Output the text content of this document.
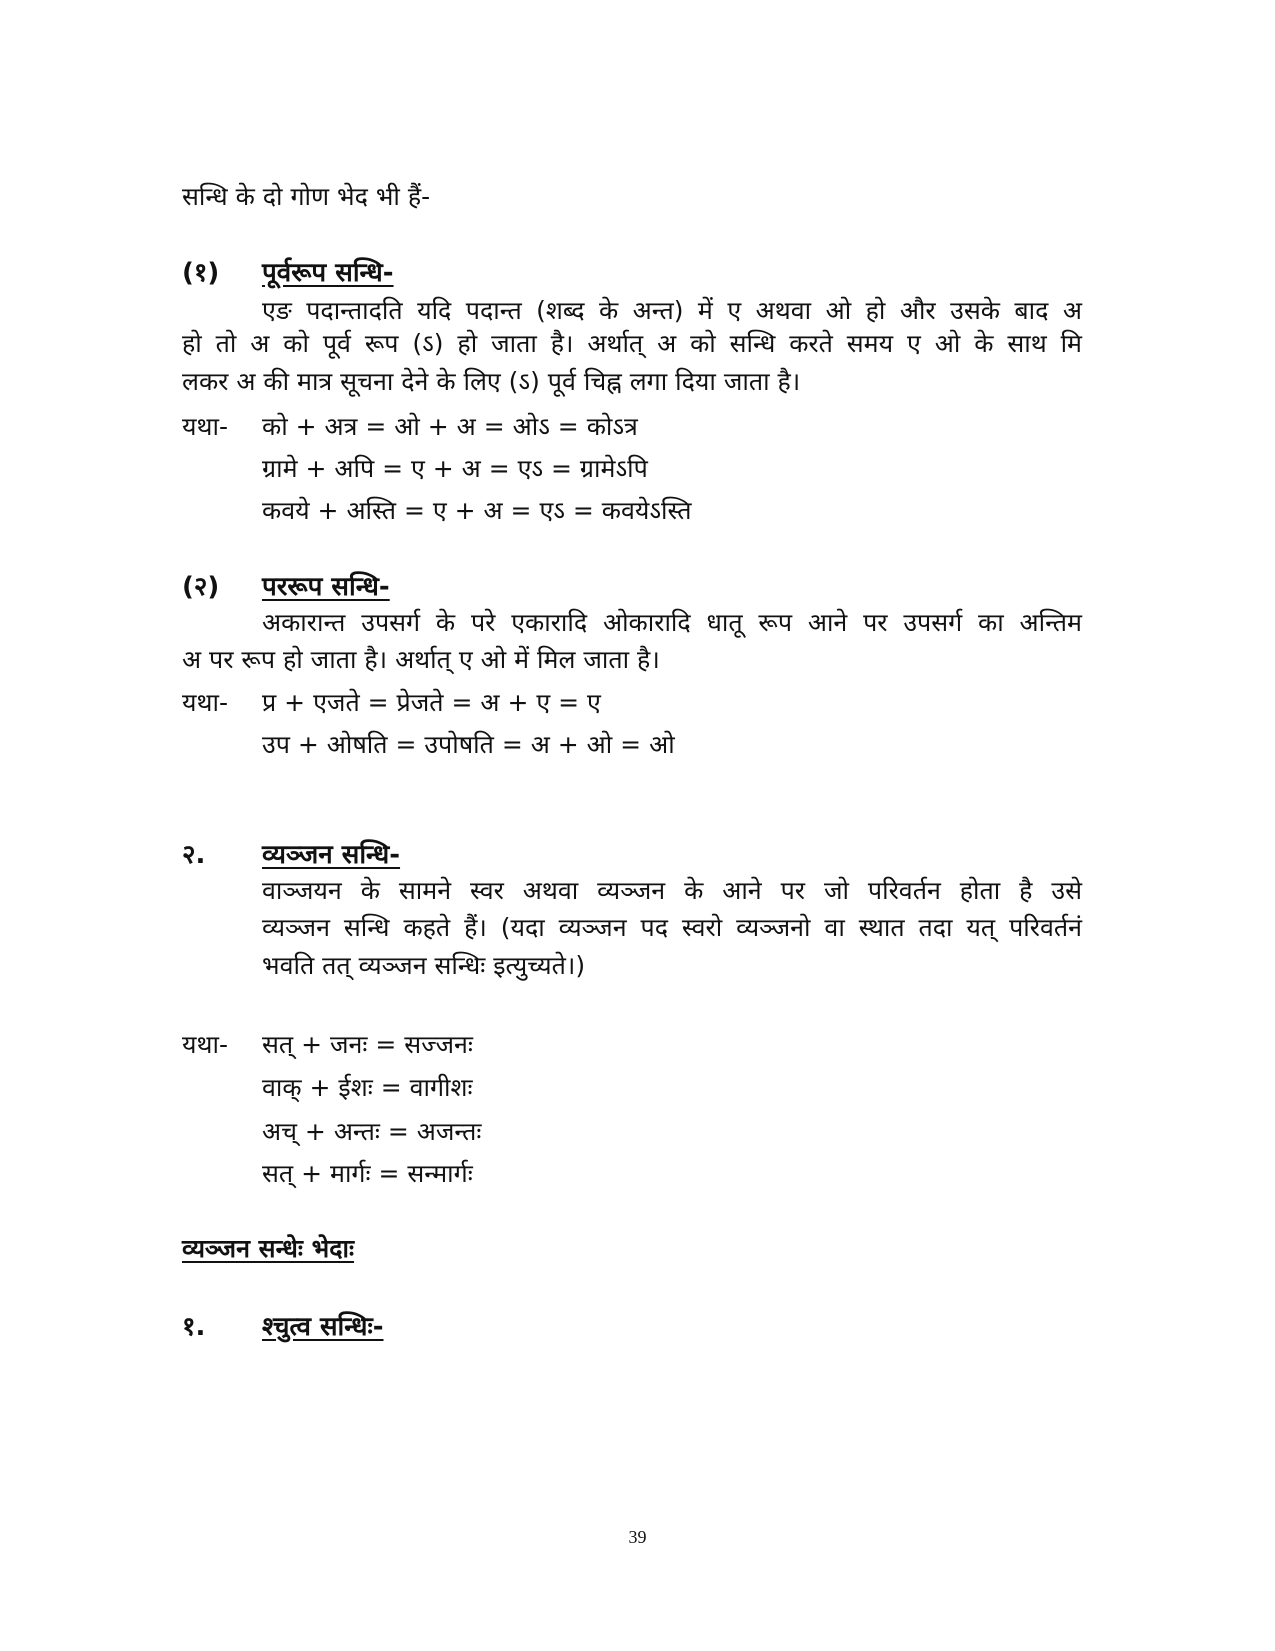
सन्धि के दो गोण भेद भी हैं-
(१) पूर्वरूप सन्धि-
एङ पदान्तादति यदि पदान्त (शब्द के अन्त) में ए अथवा ओ हो और उसके बाद अ
हो तो अ को पूर्व रूप (ऽ) हो जाता है। अर्थात् अ को सन्धि करते समय ए ओ के साथ मि
लकर अ की मात्र सूचना देने के लिए (ऽ) पूर्व चिह्न लगा दिया जाता है।
यथा- को + अत्र = ओ + अ = ओऽ = कोऽत्र
ग्रामे + अपि = ए + अ = एऽ = ग्रामेऽपि
कवये + अस्ति = ए + अ = एऽ = कवयेऽस्ति
(२) पररूप सन्धि-
अकारान्त उपसर्ग के परे एकारादि ओकारादि धातू रूप आने पर उपसर्ग का अन्तिम
अ पर रूप हो जाता है। अर्थात् ए ओ में मिल जाता है।
यथा- प्र + एजते = प्रेजते = अ + ए = ए
उप + ओषति = उपोषति = अ + ओ = ओ
२. व्यञ्जन सन्धि-
वाञ्जयन के सामने स्वर अथवा व्यञ्जन के आने पर जो परिवर्तन होता है उसे
व्यञ्जन सन्धि कहते हैं। (यदा व्यञ्जन पद स्वरो व्यञ्जनो वा स्थात तदा यत् परिवर्तनं
भवति तत् व्यञ्जन सन्धिः इत्युच्यते।)
यथा- सत् + जनः = सज्जनः
वाक् + ईशः = वागीशः
अच् + अन्तः = अजन्तः
सत् + मार्गः = सन्मार्गः
व्यञ्जन सन्धेः भेदाः
१. श्चुत्व सन्धिः-
39
